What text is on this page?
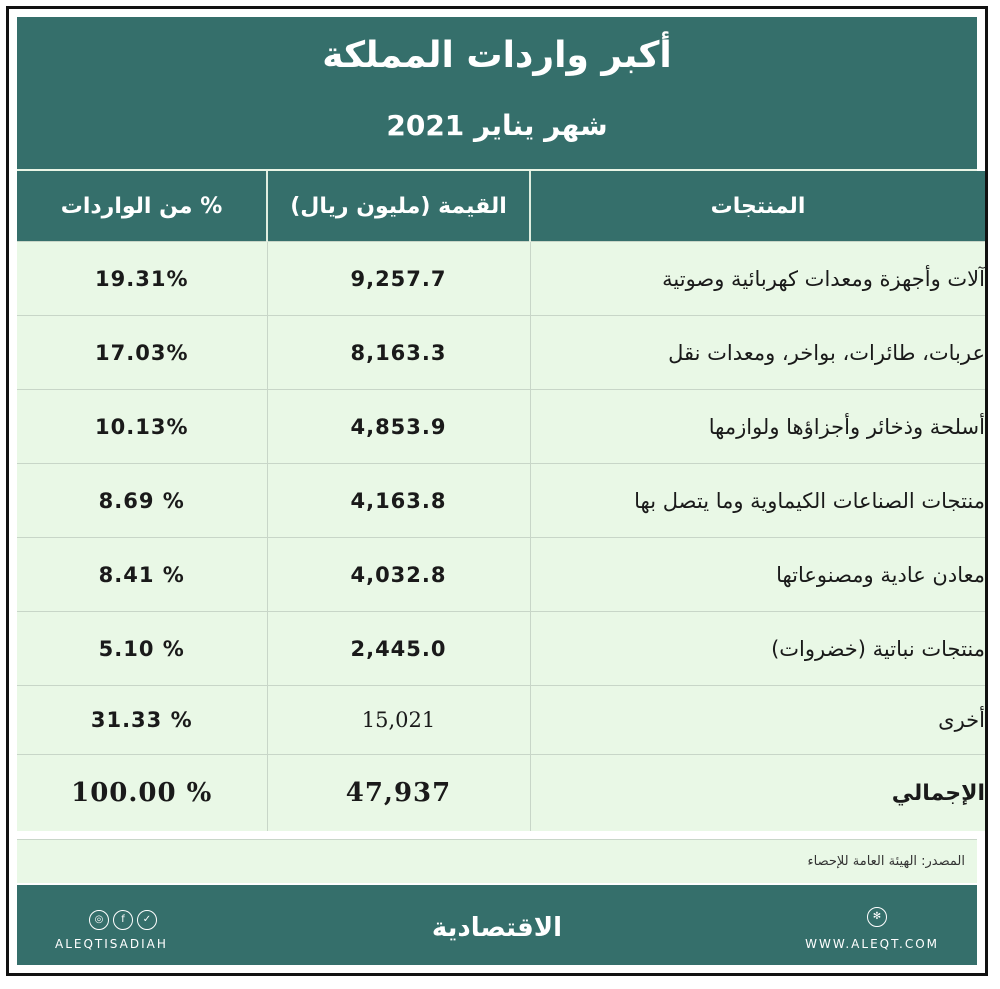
أكبر واردات المملكة
شهر يناير 2021
المنتجات	القيمة (مليون ريال)	% من الواردات
آلات وأجهزة ومعدات كهربائية وصوتية	9,257.7	19.31%
عربات، طائرات، بواخر، ومعدات نقل	8,163.3	17.03%
أسلحة وذخائر وأجزاؤها ولوازمها	4,853.9	10.13%
منتجات الصناعات الكيماوية وما يتصل بها	4,163.8	8.69 %
معادن عادية ومصنوعاتها	4,032.8	8.41 %
منتجات نباتية (خضروات)	2,445.0	5.10 %
أخرى	15,021	31.33 %
الإجمالي	47,937	100.00 %
المصدر: الهيئة العامة للإحصاء
◎ f ✓
ALEQTISADIAH
الاقتصادية	✻
WWW.ALEQT.COM
